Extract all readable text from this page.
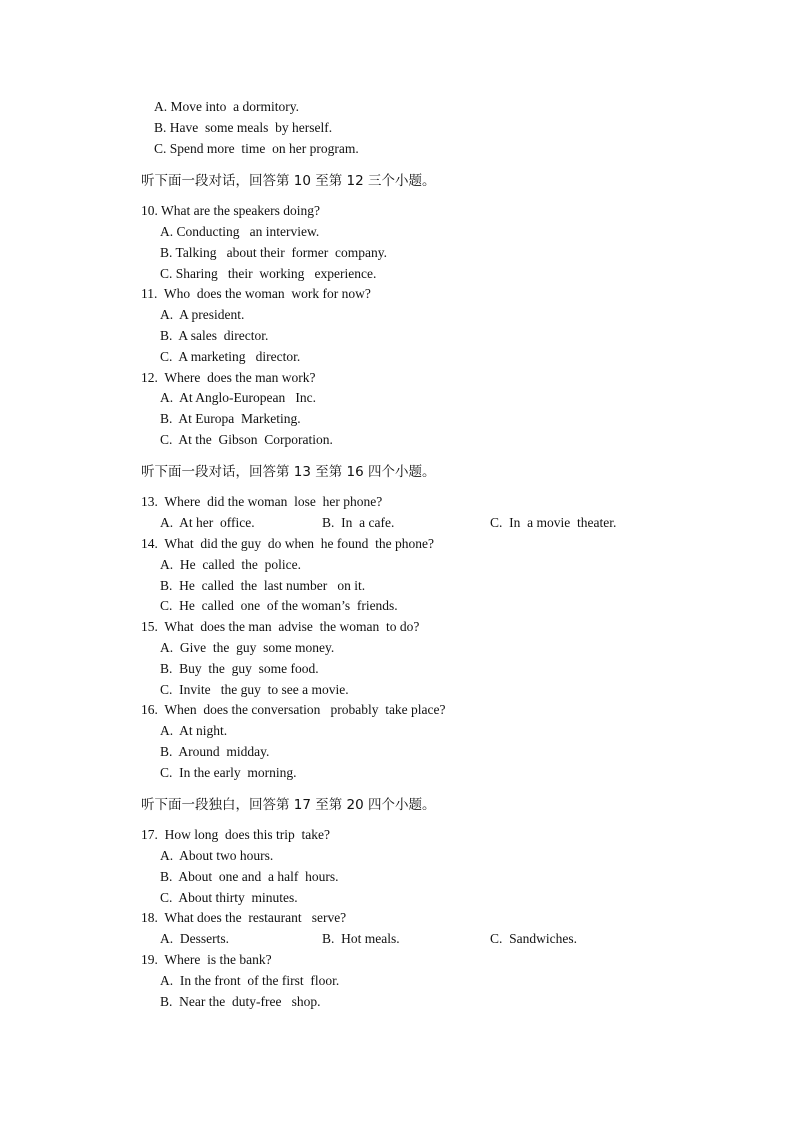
A. Move into  a dormitory.
B. Have  some meals  by herself.
C. Spend more  time  on her program.
听下面一段对话，回答第 10 至第 12 三个小题。
10. What are the speakers doing?
A. Conducting   an interview.
B. Talking   about their  former  company.
C. Sharing   their  working   experience.
11.  Who  does the woman  work for now?
A.  A president.
B.  A sales  director.
C.  A marketing   director.
12.  Where  does the man work?
A.  At Anglo-European   Inc.
B.  At Europa  Marketing.
C.  At the  Gibson  Corporation.
听下面一段对话，回答第 13 至第 16 四个小题。
13.  Where  did the woman  lose  her phone?
A.  At her  office.	B.  In  a cafe.	C.  In  a movie  theater.
14.  What  did the guy  do when  he found  the phone?
A.  He  called  the  police.
B.  He  called  the  last number   on it.
C.  He  called  one  of the woman’s  friends.
15.  What  does the man  advise  the woman  to do?
A.  Give  the  guy  some money.
B.  Buy  the  guy  some food.
C.  Invite   the guy  to see a movie.
16.  When  does the conversation   probably  take place?
A.  At night.
B.  Around  midday.
C.  In the early  morning.
听下面一段独白，回答第 17 至第 20 四个小题。
17.  How long  does this trip  take?
A.  About two hours.
B.  About  one and  a half  hours.
C.  About thirty  minutes.
18.  What does the  restaurant   serve?
A.  Desserts.	B.  Hot meals.	C.  Sandwiches.
19.  Where  is the bank?
A.  In the front  of the first  floor.
B.  Near the  duty-free   shop.
